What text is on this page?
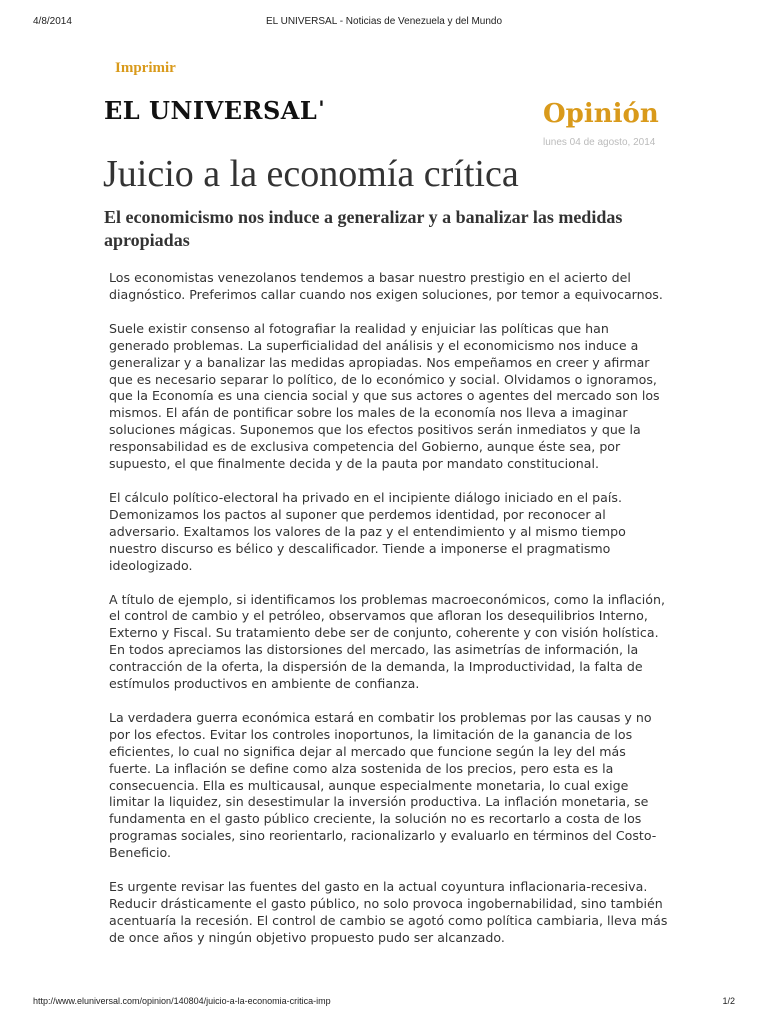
4/8/2014	EL UNIVERSAL - Noticias de Venezuela y del Mundo
Imprimir
EL UNIVERSAL'	Opinión
lunes 04 de agosto, 2014
Juicio a la economía crítica
El economicismo nos induce a generalizar y a banalizar las medidas apropiadas

Los economistas venezolanos tendemos a basar nuestro prestigio en el acierto del diagnóstico. Preferimos callar cuando nos exigen soluciones, por temor a equivocarnos.

Suele existir consenso al fotografiar la realidad y enjuiciar las políticas que han generado problemas. La superficialidad del análisis y el economicismo nos induce a generalizar y a banalizar las medidas apropiadas. Nos empeñamos en creer y afirmar que es necesario separar lo político, de lo económico y social. Olvidamos o ignoramos, que la Economía es una ciencia social y que sus actores o agentes del mercado son los mismos. El afán de pontificar sobre los males de la economía nos lleva a imaginar soluciones mágicas. Suponemos que los efectos positivos serán inmediatos y que la responsabilidad es de exclusiva competencia del Gobierno, aunque éste sea, por supuesto, el que finalmente decida y de la pauta por mandato constitucional.

El cálculo político-electoral ha privado en el incipiente diálogo iniciado en el país. Demonizamos los pactos al suponer que perdemos identidad, por reconocer al adversario. Exaltamos los valores de la paz y el entendimiento y al mismo tiempo nuestro discurso es bélico y descalificador. Tiende a imponerse el pragmatismo ideologizado.

A título de ejemplo, si identificamos los problemas macroeconómicos, como la inflación, el control de cambio y el petróleo, observamos que afloran los desequilibrios Interno, Externo y Fiscal. Su tratamiento debe ser de conjunto, coherente y con visión holística. En todos apreciamos las distorsiones del mercado, las asimetrías de información, la contracción de la oferta, la dispersión de la demanda, la Improductividad, la falta de estímulos productivos en ambiente de confianza.

La verdadera guerra económica estará en combatir los problemas por las causas y no por los efectos. Evitar los controles inoportunos, la limitación de la ganancia de los eficientes, lo cual no significa dejar al mercado que funcione según la ley del más fuerte. La inflación se define como alza sostenida de los precios, pero esta es la consecuencia. Ella es multicausal, aunque especialmente monetaria, lo cual exige limitar la liquidez, sin desestimular la inversión productiva. La inflación monetaria, se fundamenta en el gasto público creciente, la solución no es recortarlo a costa de los programas sociales, sino reorientarlo, racionalizarlo y evaluarlo en términos del Costo-Beneficio.

Es urgente revisar las fuentes del gasto en la actual coyuntura inflacionaria-recesiva. Reducir drásticamente el gasto público, no solo provoca ingobernabilidad, sino también acentuaría la recesión. El control de cambio se agotó como política cambiaria, lleva más de once años y ningún objetivo propuesto pudo ser alcanzado.

http://www.eluniversal.com/opinion/140804/juicio-a-la-economia-critica-imp	1/2
